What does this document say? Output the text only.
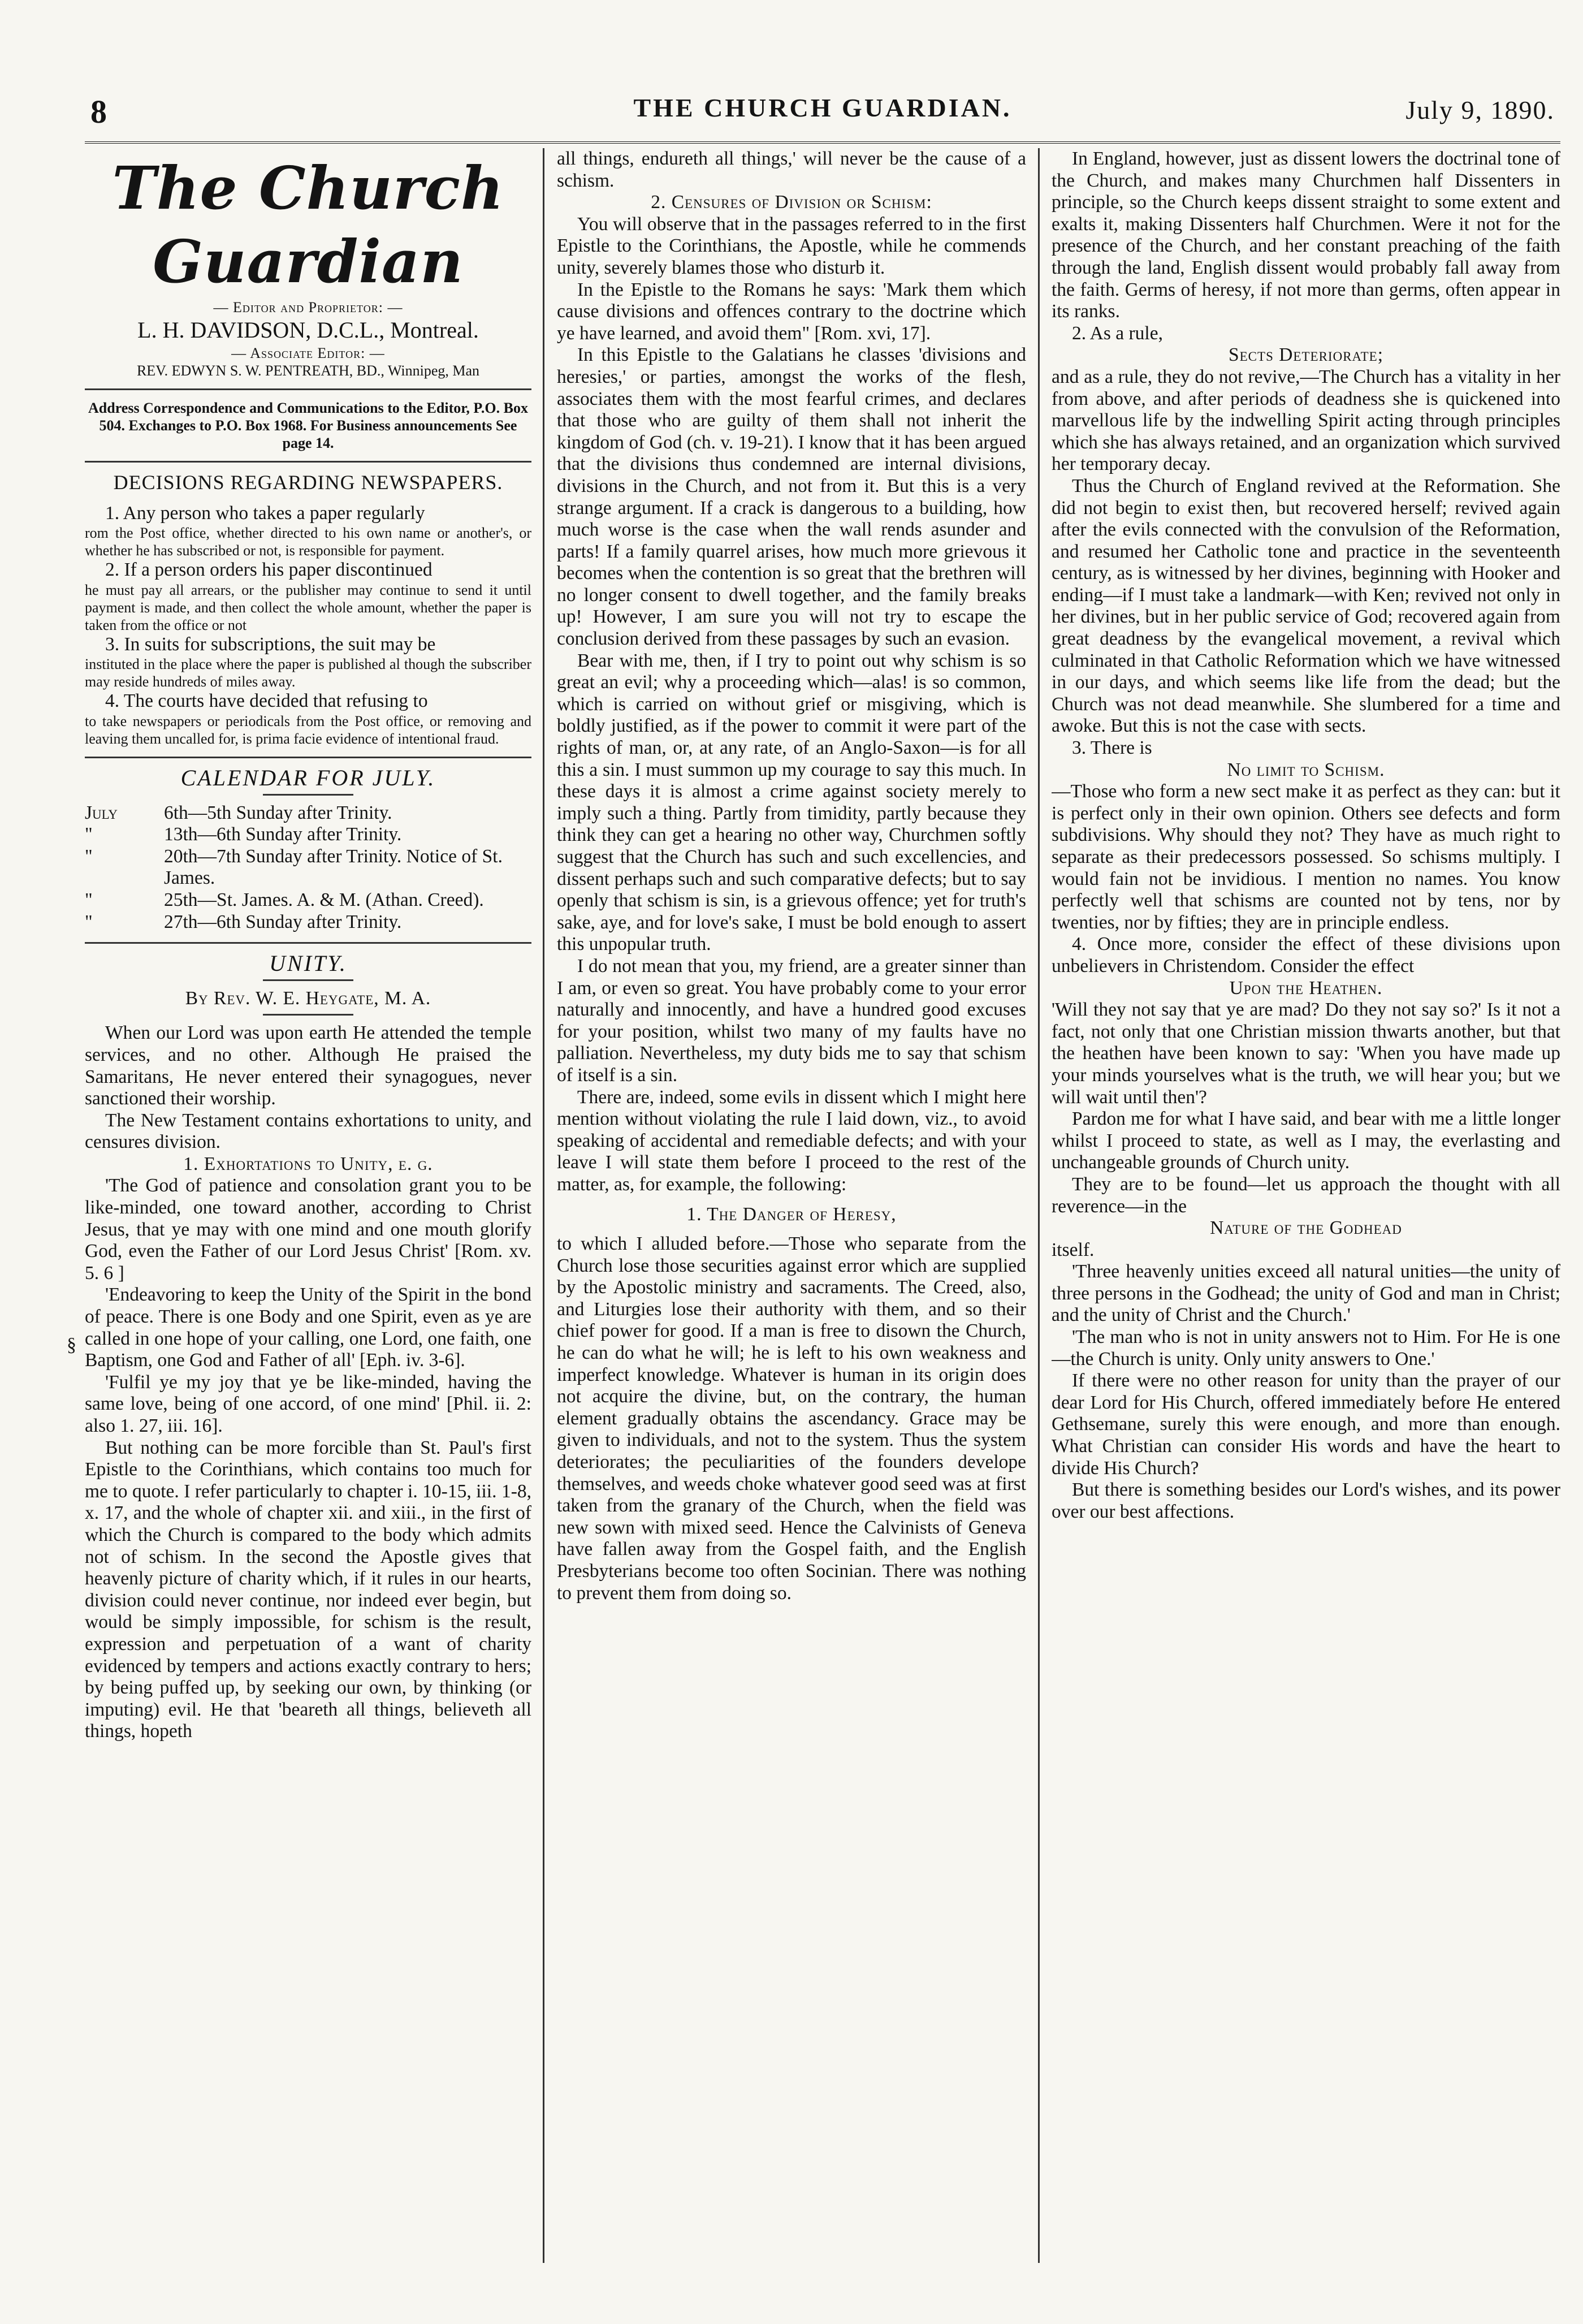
8	THE CHURCH GUARDIAN.	July 9, 1890.
The Church Guardian
— Editor and Proprietor: —
L. H. DAVIDSON, D.C.L., Montreal.
— Associate Editor: —
REV. EDWYN S. W. PENTREATH, BD., Winnipeg, Man
Address Correspondence and Communications to the Editor, P.O. Box 504. Exchanges to P.O. Box 1968. For Business announcements See page 14.
DECISIONS REGARDING NEWSPAPERS.

1. Any person who takes a paper regularly

rom the Post office, whether directed to his own name or another's, or whether he has subscribed or not, is responsible for payment.

2. If a person orders his paper discontinued

he must pay all arrears, or the publisher may continue to send it until payment is made, and then collect the whole amount, whether the paper is taken from the office or not

3. In suits for subscriptions, the suit may be

instituted in the place where the paper is published al though the subscriber may reside hundreds of miles away.

4. The courts have decided that refusing to

to take newspapers or periodicals from the Post office, or removing and leaving them uncalled for, is prima facie evidence of intentional fraud.

CALENDAR FOR JULY.
July	6th—5th Sunday after Trinity.
"	13th—6th Sunday after Trinity.
"	20th—7th Sunday after Trinity. Notice of St. James.
"	25th—St. James. A. & M. (Athan. Creed).
"	27th—6th Sunday after Trinity.
UNITY.
By Rev. W. E. Heygate, M. A.

When our Lord was upon earth He attended the temple services, and no other. Although He praised the Samaritans, He never entered their synagogues, never sanctioned their worship.

The New Testament contains exhortations to unity, and censures division.

1. Exhortations to Unity, e. g.

'The God of patience and consolation grant you to be like-minded, one toward another, according to Christ Jesus, that ye may with one mind and one mouth glorify God, even the Father of our Lord Jesus Christ' [Rom. xv. 5. 6 ]

'Endeavoring to keep the Unity of the Spirit in the bond of peace. There is one Body and one Spirit, even as ye are called in one hope of your calling, one Lord, one faith, one Baptism, one God and Father of all' [Eph. iv. 3-6].

'Fulfil ye my joy that ye be like-minded, having the same love, being of one accord, of one mind' [Phil. ii. 2: also 1. 27, iii. 16].

But nothing can be more forcible than St. Paul's first Epistle to the Corinthians, which contains too much for me to quote. I refer particularly to chapter i. 10-15, iii. 1-8, x. 17, and the whole of chapter xii. and xiii., in the first of which the Church is compared to the body which admits not of schism. In the second the Apostle gives that heavenly picture of charity which, if it rules in our hearts, division could never continue, nor indeed ever begin, but would be simply impossible, for schism is the result, expression and perpetuation of a want of charity evidenced by tempers and actions exactly contrary to hers; by being puffed up, by seeking our own, by thinking (or imputing) evil. He that 'beareth all things, believeth all things, hopeth

§

all things, endureth all things,' will never be the cause of a schism.

2. Censures of Division or Schism:

You will observe that in the passages referred to in the first Epistle to the Corinthians, the Apostle, while he commends unity, severely blames those who disturb it.

In the Epistle to the Romans he says: 'Mark them which cause divisions and offences contrary to the doctrine which ye have learned, and avoid them" [Rom. xvi, 17].

In this Epistle to the Galatians he classes 'divisions and heresies,' or parties, amongst the works of the flesh, associates them with the most fearful crimes, and declares that those who are guilty of them shall not inherit the kingdom of God (ch. v. 19-21). I know that it has been argued that the divisions thus condemned are internal divisions, divisions in the Church, and not from it. But this is a very strange argument. If a crack is dangerous to a building, how much worse is the case when the wall rends asunder and parts! If a family quarrel arises, how much more grievous it becomes when the contention is so great that the brethren will no longer consent to dwell together, and the family breaks up! However, I am sure you will not try to escape the conclusion derived from these passages by such an evasion.

Bear with me, then, if I try to point out why schism is so great an evil; why a proceeding which—alas! is so common, which is carried on without grief or misgiving, which is boldly justified, as if the power to commit it were part of the rights of man, or, at any rate, of an Anglo-Saxon—is for all this a sin. I must summon up my courage to say this much. In these days it is almost a crime against society merely to imply such a thing. Partly from timidity, partly because they think they can get a hearing no other way, Churchmen softly suggest that the Church has such and such excellencies, and dissent perhaps such and such comparative defects; but to say openly that schism is sin, is a grievous offence; yet for truth's sake, aye, and for love's sake, I must be bold enough to assert this unpopular truth.

I do not mean that you, my friend, are a greater sinner than I am, or even so great. You have probably come to your error naturally and innocently, and have a hundred good excuses for your position, whilst two many of my faults have no palliation. Nevertheless, my duty bids me to say that schism of itself is a sin.

There are, indeed, some evils in dissent which I might here mention without violating the rule I laid down, viz., to avoid speaking of accidental and remediable defects; and with your leave I will state them before I proceed to the rest of the matter, as, for example, the following:

1. The Danger of Heresy,

to which I alluded before.—Those who separate from the Church lose those securities against error which are supplied by the Apostolic ministry and sacraments. The Creed, also, and Liturgies lose their authority with them, and so their chief power for good. If a man is free to disown the Church, he can do what he will; he is left to his own weakness and imperfect knowledge. Whatever is human in its origin does not acquire the divine, but, on the contrary, the human element gradually obtains the ascendancy. Grace may be given to individuals, and not to the system. Thus the system deteriorates; the peculiarities of the founders develope themselves, and weeds choke whatever good seed was at first taken from the granary of the Church, when the field was new sown with mixed seed. Hence the Calvinists of Geneva have fallen away from the Gospel faith, and the English Presbyterians become too often Socinian. There was nothing to prevent them from doing so.

In England, however, just as dissent lowers the doctrinal tone of the Church, and makes many Churchmen half Dissenters in principle, so the Church keeps dissent straight to some extent and exalts it, making Dissenters half Churchmen. Were it not for the presence of the Church, and her constant preaching of the faith through the land, English dissent would probably fall away from the faith. Germs of heresy, if not more than germs, often appear in its ranks.

2. As a rule,

Sects Deteriorate;

and as a rule, they do not revive,—The Church has a vitality in her from above, and after periods of deadness she is quickened into marvellous life by the indwelling Spirit acting through principles which she has always retained, and an organization which survived her temporary decay.

Thus the Church of England revived at the Reformation. She did not begin to exist then, but recovered herself; revived again after the evils connected with the convulsion of the Reformation, and resumed her Catholic tone and practice in the seventeenth century, as is witnessed by her divines, beginning with Hooker and ending—if I must take a landmark—with Ken; revived not only in her divines, but in her public service of God; recovered again from great deadness by the evangelical movement, a revival which culminated in that Catholic Reformation which we have witnessed in our days, and which seems like life from the dead; but the Church was not dead meanwhile. She slumbered for a time and awoke. But this is not the case with sects.

3. There is

No limit to Schism.

—Those who form a new sect make it as perfect as they can: but it is perfect only in their own opinion. Others see defects and form subdivisions. Why should they not? They have as much right to separate as their predecessors possessed. So schisms multiply. I would fain not be invidious. I mention no names. You know perfectly well that schisms are counted not by tens, nor by twenties, nor by fifties; they are in principle endless.

4. Once more, consider the effect of these divisions upon unbelievers in Christendom. Consider the effect

Upon the Heathen.

'Will they not say that ye are mad? Do they not say so?' Is it not a fact, not only that one Christian mission thwarts another, but that the heathen have been known to say: 'When you have made up your minds yourselves what is the truth, we will hear you; but we will wait until then'?

Pardon me for what I have said, and bear with me a little longer whilst I proceed to state, as well as I may, the everlasting and unchangeable grounds of Church unity.

They are to be found—let us approach the thought with all reverence—in the

Nature of the Godhead

itself.

'Three heavenly unities exceed all natural unities—the unity of three persons in the Godhead; the unity of God and man in Christ; and the unity of Christ and the Church.'

'The man who is not in unity answers not to Him. For He is one—the Church is unity. Only unity answers to One.'

If there were no other reason for unity than the prayer of our dear Lord for His Church, offered immediately before He entered Gethsemane, surely this were enough, and more than enough. What Christian can consider His words and have the heart to divide His Church?

But there is something besides our Lord's wishes, and its power over our best affections.
